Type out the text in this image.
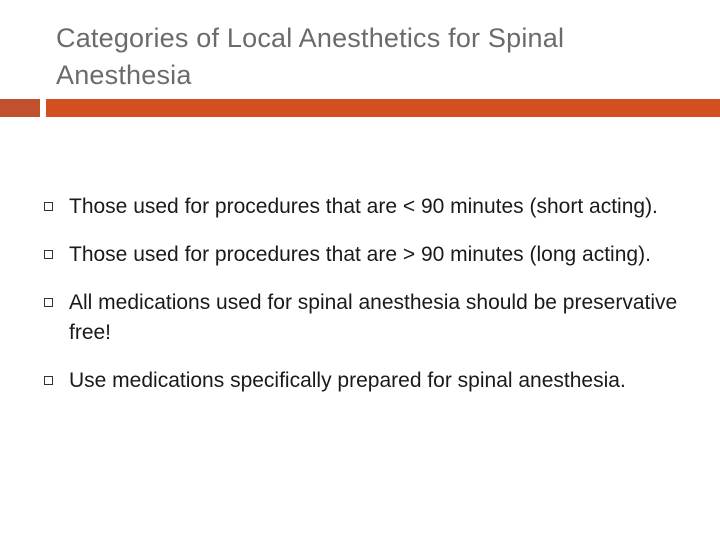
Categories of Local Anesthetics for Spinal Anesthesia
Those used for procedures that are < 90 minutes (short acting).
Those used for procedures that are > 90 minutes (long acting).
All medications used for spinal anesthesia should be preservative free!
Use medications specifically prepared for spinal anesthesia.
